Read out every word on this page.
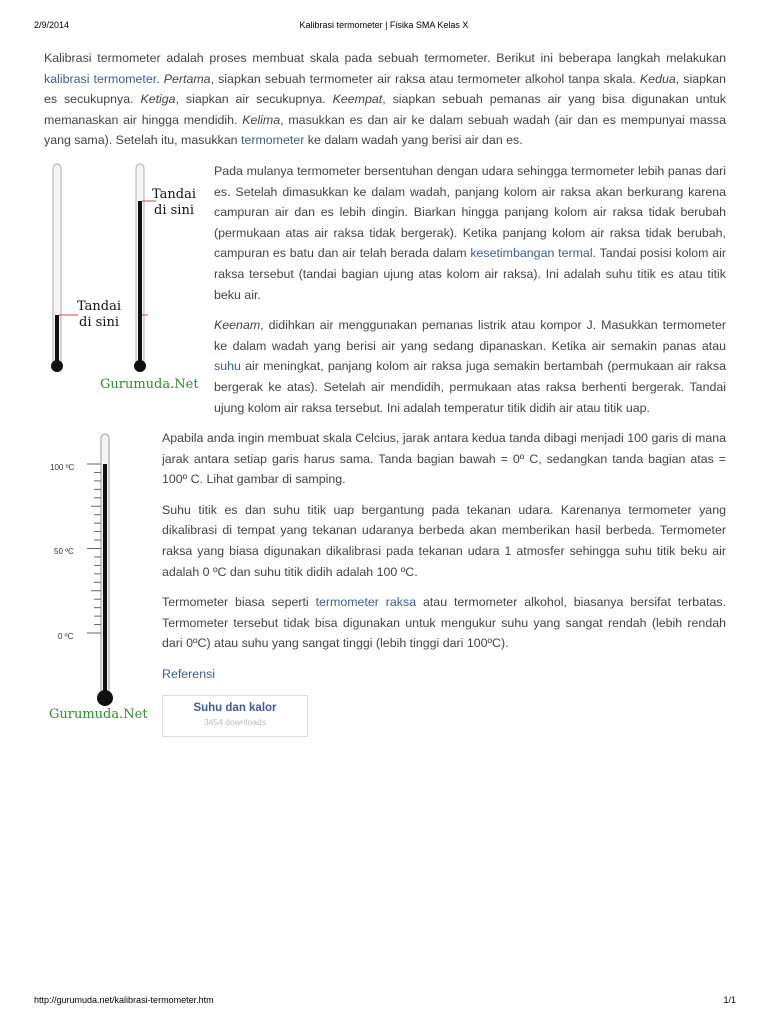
2/9/2014	Kalibrasi termometer | Fisika SMA Kelas X

Kalibrasi termometer adalah proses membuat skala pada sebuah termometer. Berikut ini beberapa langkah melakukan kalibrasi termometer. Pertama, siapkan sebuah termometer air raksa atau termometer alkohol tanpa skala. Kedua, siapkan es secukupnya. Ketiga, siapkan air secukupnya. Keempat, siapkan sebuah pemanas air yang bisa digunakan untuk memanaskan air hingga mendidih. Kelima, masukkan es dan air ke dalam sebuah wadah (air dan es mempunyai massa yang sama). Setelah itu, masukkan termometer ke dalam wadah yang berisi air dan es.

Tandai di sini
Tandai di sini
Gurumuda.Net

Pada mulanya termometer bersentuhan dengan udara sehingga termometer lebih panas dari es. Setelah dimasukkan ke dalam wadah, panjang kolom air raksa akan berkurang karena campuran air dan es lebih dingin. Biarkan hingga panjang kolom air raksa tidak berubah (permukaan atas air raksa tidak bergerak). Ketika panjang kolom air raksa tidak berubah, campuran es batu dan air telah berada dalam kesetimbangan termal. Tandai posisi kolom air raksa tersebut (tandai bagian ujung atas kolom air raksa). Ini adalah suhu titik es atau titik beku air.

Keenam, didihkan air menggunakan pemanas listrik atau kompor J. Masukkan termometer ke dalam wadah yang berisi air yang sedang dipanaskan. Ketika air semakin panas atau suhu air meningkat, panjang kolom air raksa juga semakin bertambah (permukaan air raksa bergerak ke atas). Setelah air mendidih, permukaan atas raksa berhenti bergerak. Tandai ujung kolom air raksa tersebut. Ini adalah temperatur titik didih air atau titik uap.

100 ºC
50 ºC
0 ºC
Gurumuda.Net

Apabila anda ingin membuat skala Celcius, jarak antara kedua tanda dibagi menjadi 100 garis di mana jarak antara setiap garis harus sama. Tanda bagian bawah = 0º C, sedangkan tanda bagian atas = 100º C. Lihat gambar di samping.

Suhu titik es dan suhu titik uap bergantung pada tekanan udara. Karenanya termometer yang dikalibrasi di tempat yang tekanan udaranya berbeda akan memberikan hasil berbeda. Termometer raksa yang biasa digunakan dikalibrasi pada tekanan udara 1 atmosfer sehingga suhu titik beku air adalah 0 ºC dan suhu titik didih adalah 100 ºC.

Termometer biasa seperti termometer raksa atau termometer alkohol, biasanya bersifat terbatas. Termometer tersebut tidak bisa digunakan untuk mengukur suhu yang sangat rendah (lebih rendah dari 0ºC) atau suhu yang sangat tinggi (lebih tinggi dari 100ºC).

Referensi

Suhu dan kalor
3454 downloads
http://gurumuda.net/kalibrasi-termometer.htm	1/1
